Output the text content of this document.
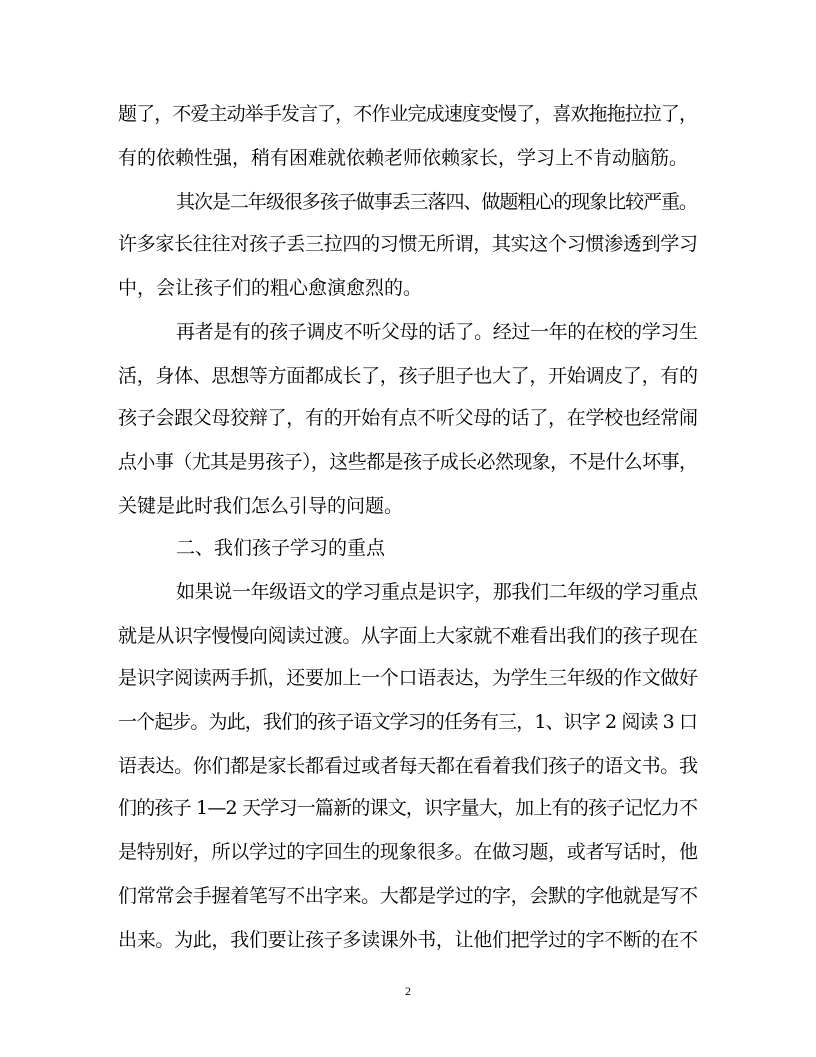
题了，不爱主动举手发言了，不作业完成速度变慢了，喜欢拖拖拉拉了，
有的依赖性强，稍有困难就依赖老师依赖家长，学习上不肯动脑筋。
其次是二年级很多孩子做事丢三落四、做题粗心的现象比较严重。
许多家长往往对孩子丢三拉四的习惯无所谓，其实这个习惯渗透到学习
中，会让孩子们的粗心愈演愈烈的。
再者是有的孩子调皮不听父母的话了。经过一年的在校的学习生
活，身体、思想等方面都成长了，孩子胆子也大了，开始调皮了，有的
孩子会跟父母狡辩了，有的开始有点不听父母的话了，在学校也经常闹
点小事（尤其是男孩子），这些都是孩子成长必然现象，不是什么坏事，
关键是此时我们怎么引导的问题。
二、我们孩子学习的重点
如果说一年级语文的学习重点是识字，那我们二年级的学习重点
就是从识字慢慢向阅读过渡。从字面上大家就不难看出我们的孩子现在
是识字阅读两手抓，还要加上一个口语表达，为学生三年级的作文做好
一个起步。为此，我们的孩子语文学习的任务有三，1、识字 2 阅读 3 口
语表达。你们都是家长都看过或者每天都在看着我们孩子的语文书。我
们的孩子 1—2 天学习一篇新的课文，识字量大，加上有的孩子记忆力不
是特别好，所以学过的字回生的现象很多。在做习题，或者写话时，他
们常常会手握着笔写不出字来。大都是学过的字，会默的字他就是写不
出来。为此，我们要让孩子多读课外书，让他们把学过的字不断的在不
2
